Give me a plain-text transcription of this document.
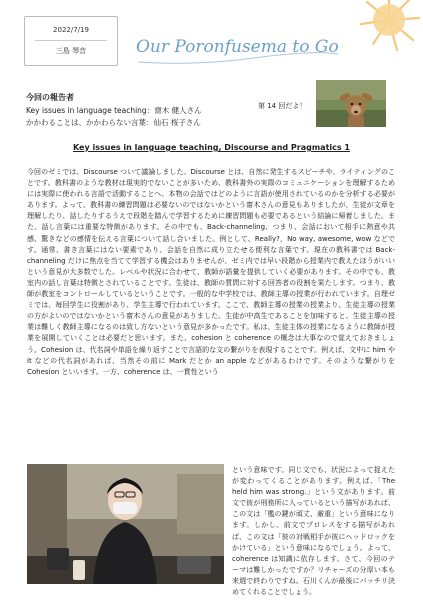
2022/7/19
三島 琴音	Our Poronfusema to Go
今回の報告者
Key issues in language teaching：齋木 健人さん
かかわることは、かかわらない言葉：仙石 桜子さん
第 14 回だよ！
Key issues in language teaching, Discourse and Pragmatics 1

今回のゼミでは、Discourse ついて議論しました。Discourse とは、自然に発生するスピーチや、ライティングのことです。教科書のような教材は現実的でないことが多いため、教科書外の実際のコミュニケーションを理解するためには実際に使われる言語で活動することへ、本物の会話ではどのように言語が使用されているのかを分析する必要があります。よって、教科書の練習問題は必要ないのではないかという齋木さんの意見もありましたが、生徒が文章を理解したり、話したりするうえで段階を踏んで学習するために練習問題も必要であるという結論に帰着しました。また、話し言葉には重要な特徴があります。その中でも、Back-channeling、つまり、会話において相手に熱意や共感、驚きなどの感情を伝える言葉について話し合いました。例として、Really?，No way, awesome, wow などです。通常、書き言葉にはない要素であり、会話を自然に成り立たせる便利な言葉です。現在の教科書では Back-channeling だけに焦点を当てて学習する機会はありませんが、ゼミ内では早い段階から授業内で教えたほうがいいという意見が大多数でした。レベルや状況に合わせて、教師が語彙を提供していく必要があります。その中でも、教室内の話し言葉は特徴とされていることです。生徒は、教師の質問に対する回答者の役割を果たします。つまり、教師が教室をコントロールしているということです。一般的な中学校では、教師主導の授業が行われています。自理ゼミでは、毎回学生に役割があり、学生主導で行われています。ここで、教師主導の授業の授業より、生徒主導の授業の方がよいのではないかという齋木さんの意見がありました。生徒が中高生であることを加味すると、生徒主導の授業は難しく教師主導になるのは致し方ないという意見が多かったです。私は、生徒主体の授業になるように教師が授業を展開していくことは必要だと思います。また、cohesion と coherence の概念は大事なので覚えておきましょう。Cohesion は、代名詞や単語を繰り返すことで言語的な文の繋がりを表現することです。例えば、文中に him や it などの代名詞があれば、当然その前に Mark だとか an apple などがあるわけです。そのような繋がりを Cohesion といいます。一方、coherence は、一貫性という

という意味です。同じ文でも、状況によって捉えたが変わってくることがあります。例えば、「The held him was strong.」という文があります。前文で彼が刑務所に入っているという描写があれば、この文は「檻の鍵が頑丈、厳重」という意味になります。しかし、前文でプロレスをする描写があれば、この文は「彼の対戦相手が彼にヘッドロックをかけている」という意味になるでしょう。よって、coherence は知識に依存します。さて、今回のテーマは難しかったですか？リチャーズの分厚い本も来週で終わりですね。石川くんが最後にバッチリ決めてくれることでしょう。
